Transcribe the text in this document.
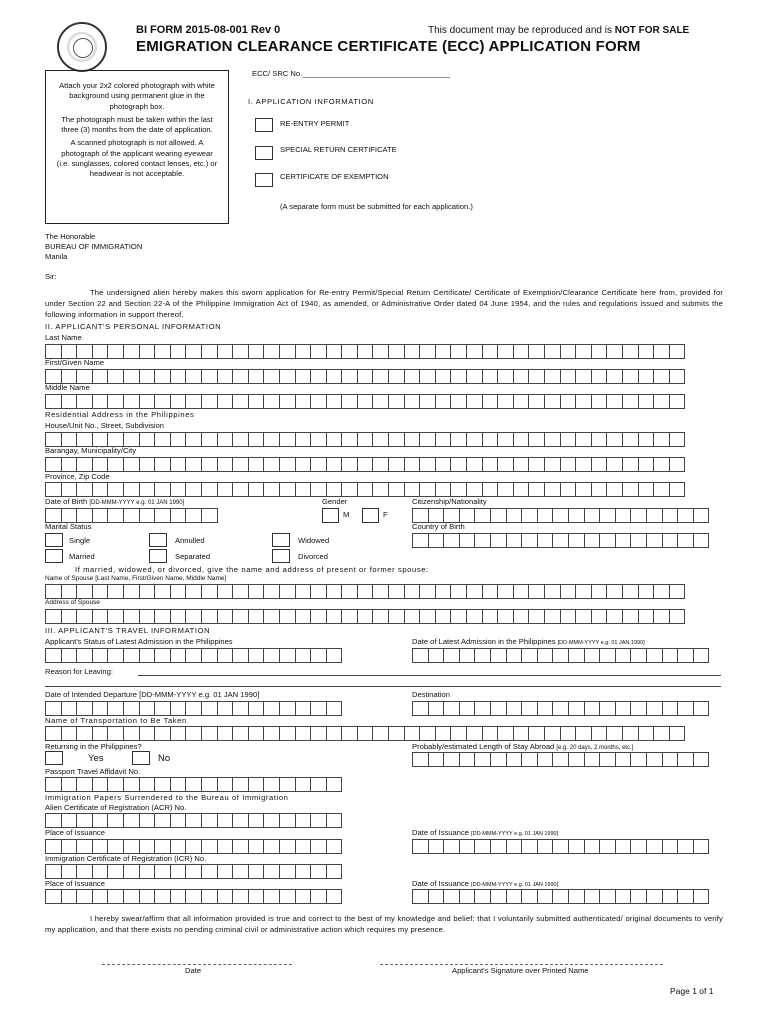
BI FORM 2015-08-001 Rev 0	This document may be reproduced and is NOT FOR SALE
EMIGRATION CLEARANCE CERTIFICATE (ECC) APPLICATION FORM

Attach your 2x2 colored photograph with white background using permanent glue in the photograph box.

The photograph must be taken within the last three (3) months from the date of application.

A scanned photograph is not allowed. A photograph of the applicant wearing eyewear (i.e. sunglasses, colored contact lenses, etc.) or headwear is not acceptable.

ECC/ SRC No.___________________________________
I. APPLICATION INFORMATION
RE-ENTRY PERMIT
SPECIAL RETURN CERTIFICATE
CERTIFICATE OF EXEMPTION
(A separate form must be submitted for each application.)
The Honorable
BUREAU OF IMMIGRATION
Manila
Sir:
The undersigned alien hereby makes this sworn application for Re-entry Permit/Special Return Certificate/ Certificate of Exemption/Clearance Certificate here from, provided for under Section 22 and Section 22-A of the Philippine Immigration Act of 1940, as amended, or Administrative Order dated 04 June 1954, and the rules and regulations issued and submits the following information in support thereof.
II. APPLICANT'S PERSONAL INFORMATION
Last Name
First/Given Name
Middle Name
Residential Address in the Philippines
House/Unit No., Street, Subdivision
Barangay, Municipality/City
Province, Zip Code
Date of Birth [DD-MMM-YYYY e.g. 01 JAN 1990]	Gender
M	F
Citizenship/Nationality
Marital Status	Country of Birth
Single	Annulled	Widowed
Married	Separated	Divorced
If married, widowed, or divorced, give the name and address of present or former spouse:
Name of Spouse [Last Name, First/Given Name, Middle Name]
Address of Spouse
III. APPLICANT'S TRAVEL INFORMATION
Applicant's Status of Latest Admission in the Philippines	Date of Latest Admission in the Philippines [DD-MMM-YYYY e.g. 01 JAN 1990]
Reason for Leaving:
Date of Intended Departure [DD-MMM-YYYY e.g. 01 JAN 1990]	Destination
Name of Transportation to Be Taken
Returning in the Philippines?
Yes	No
Probably/estimated Length of Stay Abroad [e.g. 20 days, 2 months, etc.]
Passport Travel Affidavit No.
Immigration Papers Surrendered to the Bureau of Immigration
Alien Certificate of Registration (ACR) No.
Place of Issuance	Date of Issuance [DD-MMM-YYYY e.g. 01 JAN 1990]
Immigration Certificate of Registration (ICR) No.
Place of Issuance	Date of Issuance [DD-MMM-YYYY e.g. 01 JAN 1990]
I hereby swear/affirm that all information provided is true and correct to the best of my knowledge and belief; that I voluntarily submitted authenticated/ original documents to verify my application, and that there exists no pending criminal civil or administrative action which requires my presence.
Date	Applicant's Signature over Printed Name
Page 1 of 1
